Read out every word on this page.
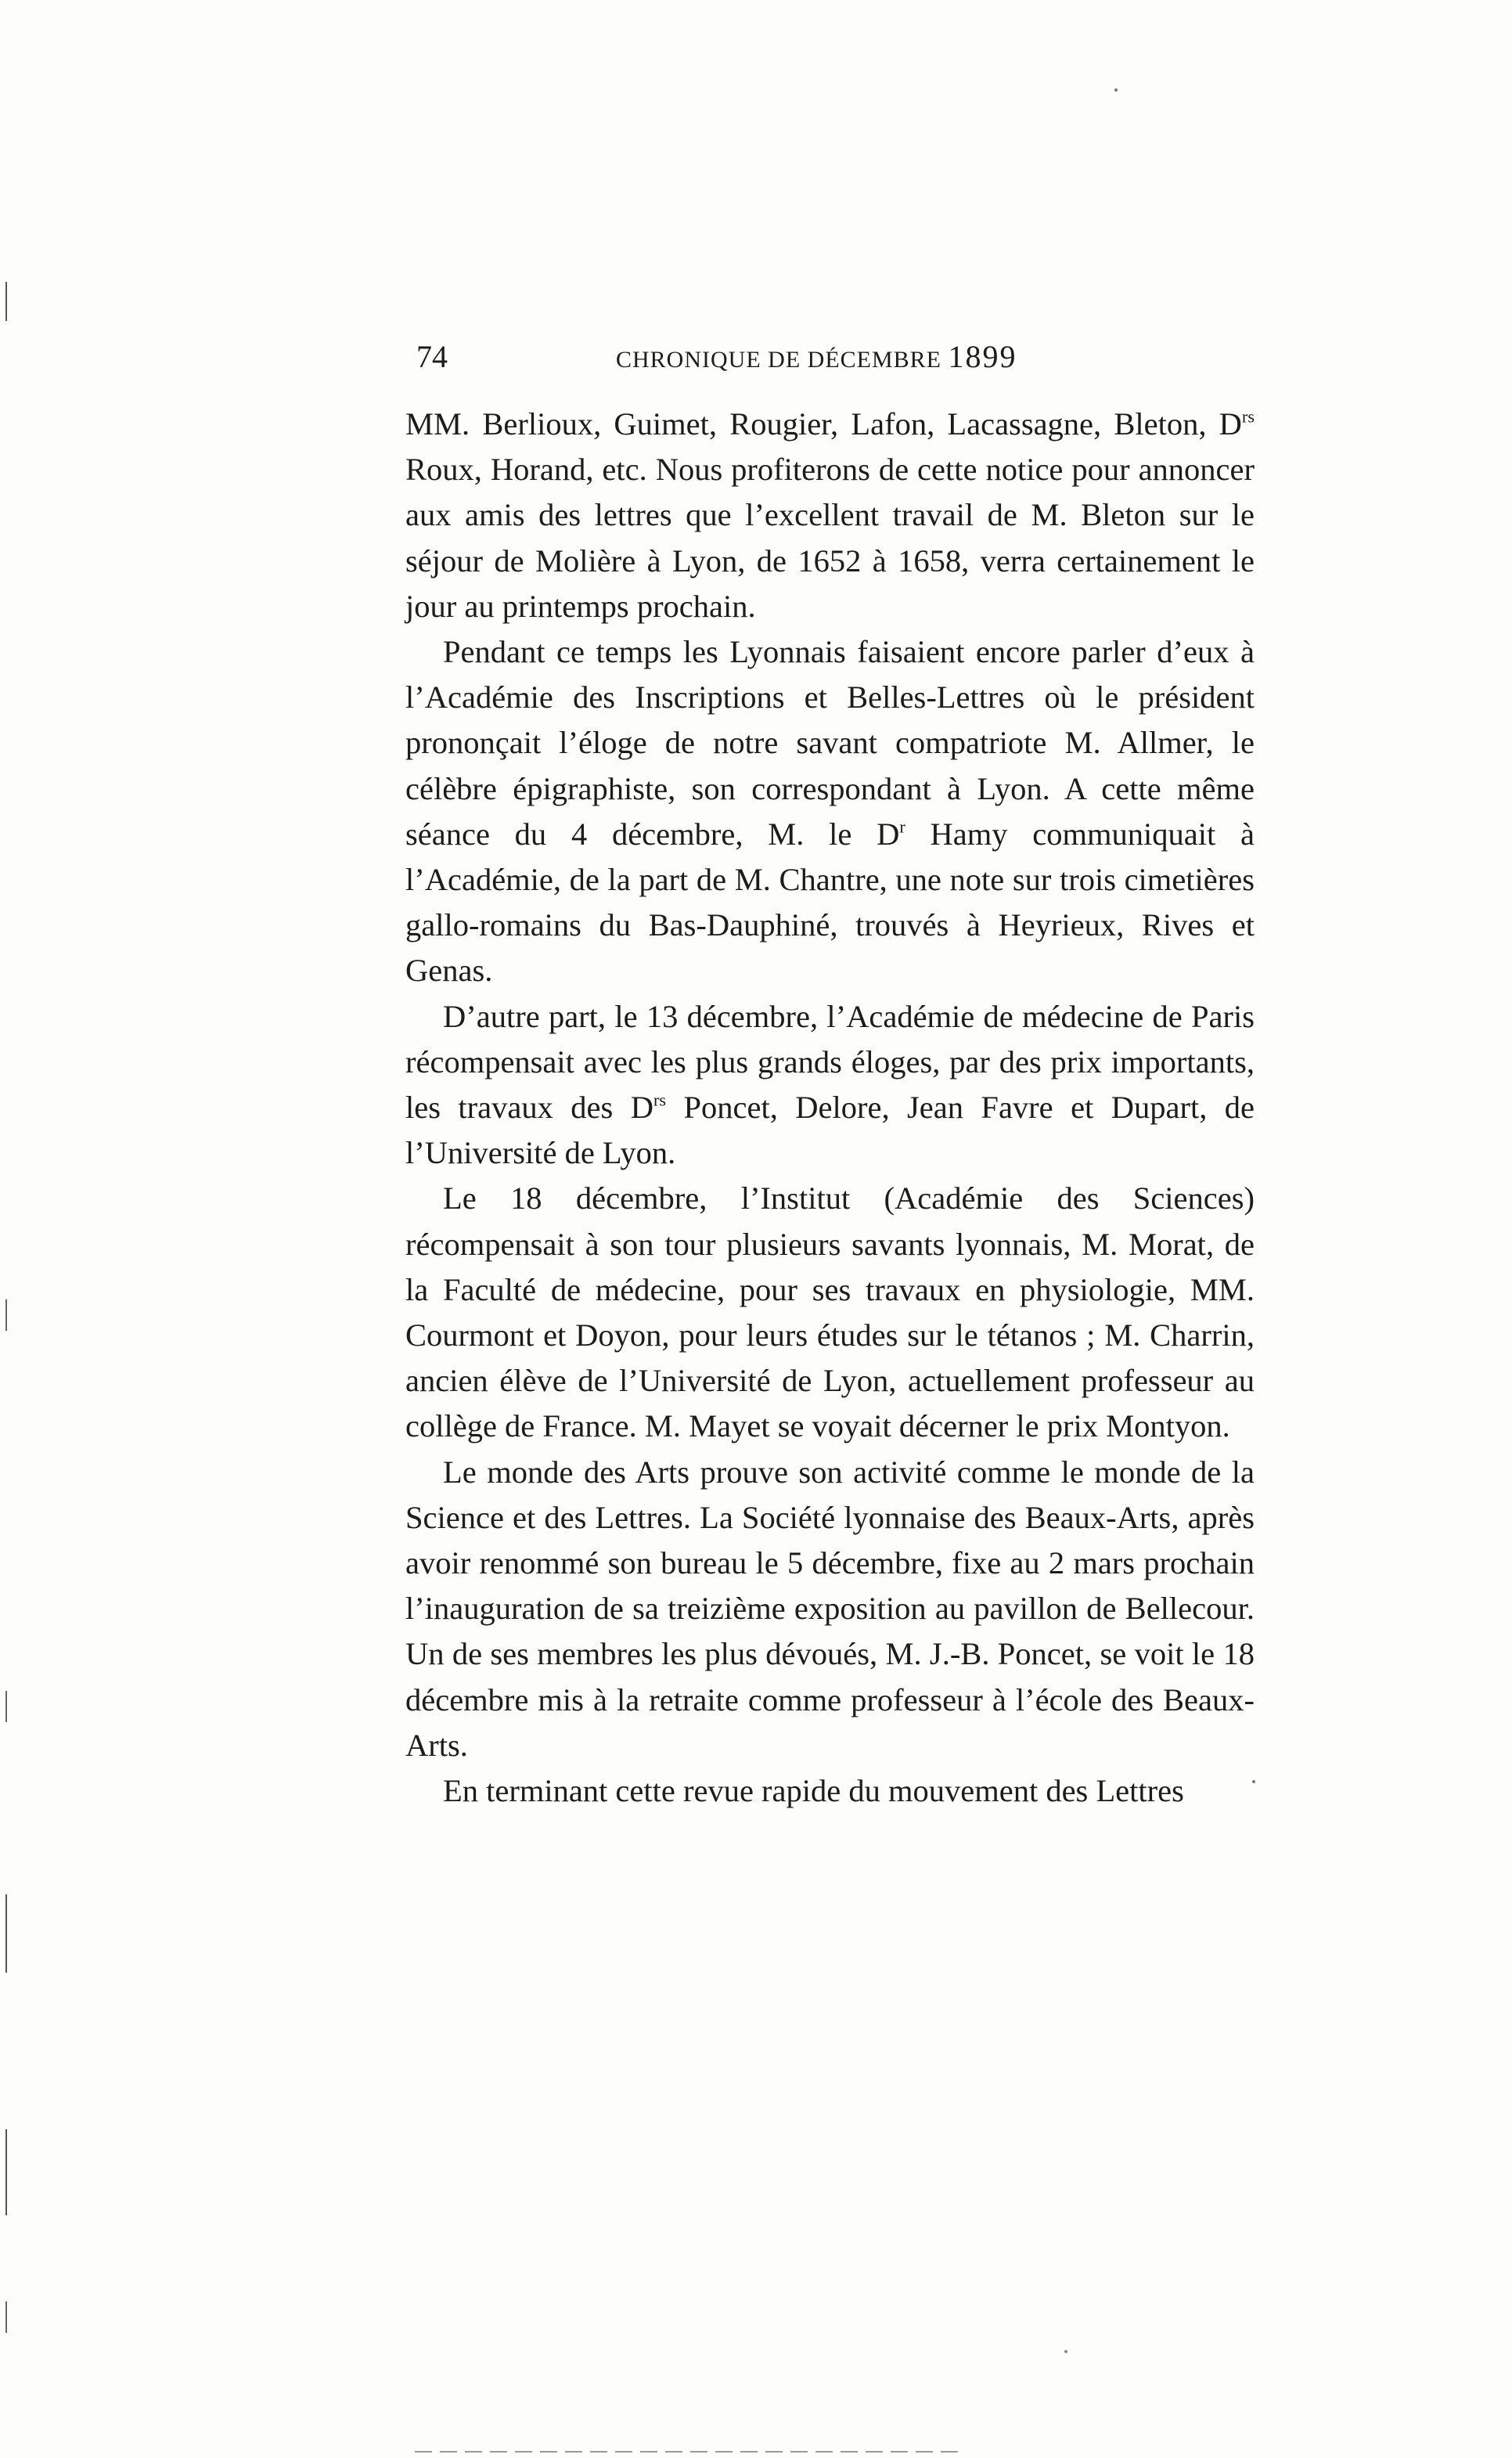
74	CHRONIQUE DE DÉCEMBRE 1899

MM. Berlioux, Guimet, Rougier, Lafon, Lacassagne, Bleton, $D^{rs}$ Roux, Horand, etc. Nous profiterons de cette notice pour annoncer aux amis des lettres que l’excellent travail de M. Bleton sur le séjour de Molière à Lyon, de 1652 à 1658, verra certainement le jour au printemps prochain.

Pendant ce temps les Lyonnais faisaient encore parler d’eux à l’Académie des Inscriptions et Belles-Lettres où le président prononçait l’éloge de notre savant compatriote M. Allmer, le célèbre épigraphiste, son correspondant à Lyon. A cette même séance du 4 décembre, M. le $D^r$ Hamy communiquait à l’Académie, de la part de M. Chantre, une note sur trois cimetières gallo-romains du Bas-Dauphiné, trouvés à Heyrieux, Rives et Genas.

D’autre part, le 13 décembre, l’Académie de médecine de Paris récompensait avec les plus grands éloges, par des prix importants, les travaux des $D^{rs}$ Poncet, Delore, Jean Favre et Dupart, de l’Université de Lyon.

Le 18 décembre, l’Institut (Académie des Sciences) récompensait à son tour plusieurs savants lyonnais, M. Morat, de la Faculté de médecine, pour ses travaux en physiologie, MM. Courmont et Doyon, pour leurs études sur le tétanos ; M. Charrin, ancien élève de l’Université de Lyon, actuellement professeur au collège de France. M. Mayet se voyait décerner le prix Montyon.

Le monde des Arts prouve son activité comme le monde de la Science et des Lettres. La Société lyonnaise des Beaux-Arts, après avoir renommé son bureau le 5 décembre, fixe au 2 mars prochain l’inauguration de sa treizième exposition au pavillon de Bellecour. Un de ses membres les plus dévoués, M. J.-B. Poncet, se voit le 18 décembre mis à la retraite comme professeur à l’école des Beaux-Arts.

En terminant cette revue rapide du mouvement des Lettres
